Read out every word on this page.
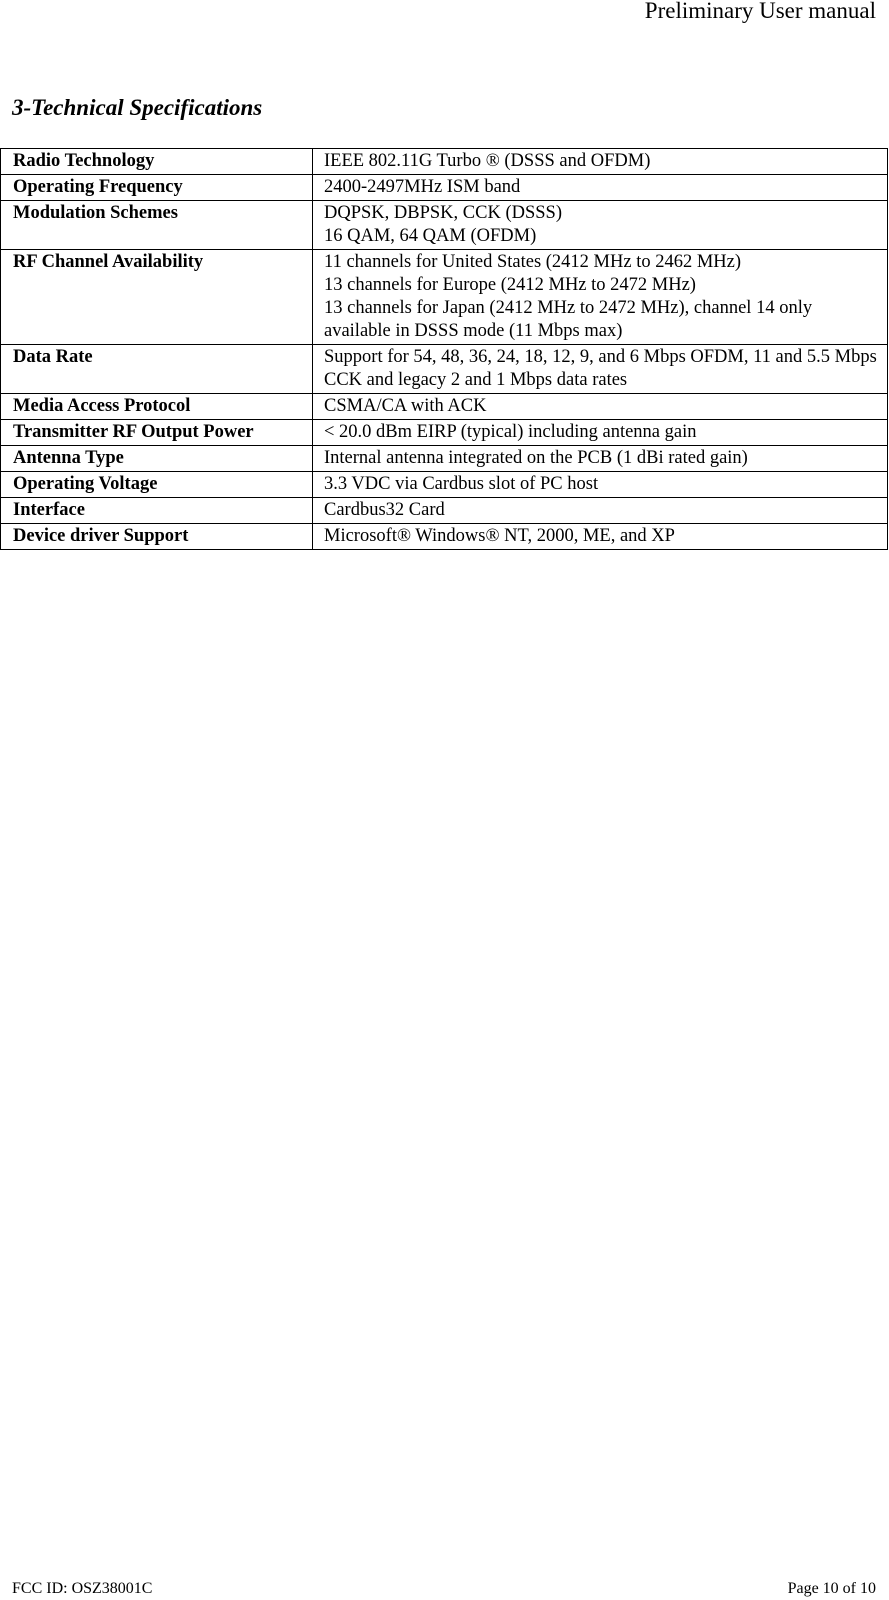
Preliminary User manual
3-Technical Specifications
Radio Technology	IEEE 802.11G Turbo ® (DSSS and OFDM)

Operating Frequency	2400-2497MHz ISM band

Modulation Schemes	DQPSK, DBPSK, CCK (DSSS)
16 QAM, 64 QAM (OFDM)

RF Channel Availability	11 channels for United States (2412 MHz to 2462 MHz)
13 channels for Europe (2412 MHz to 2472 MHz)
13 channels for Japan (2412 MHz to 2472 MHz), channel 14 only available in DSSS mode (11 Mbps max)

Data Rate	Support for 54, 48, 36, 24, 18, 12, 9, and 6 Mbps OFDM, 11 and 5.5 Mbps CCK and legacy 2 and 1 Mbps data rates

Media Access Protocol	CSMA/CA with ACK

Transmitter RF Output Power	< 20.0 dBm EIRP (typical) including antenna gain

Antenna Type	Internal antenna integrated on the PCB (1 dBi rated gain)

Operating Voltage	3.3 VDC via Cardbus slot of PC host

Interface	Cardbus32 Card

Device driver Support	Microsoft® Windows® NT, 2000, ME, and XP
FCC ID: OSZ38001C	Page 10 of 10
